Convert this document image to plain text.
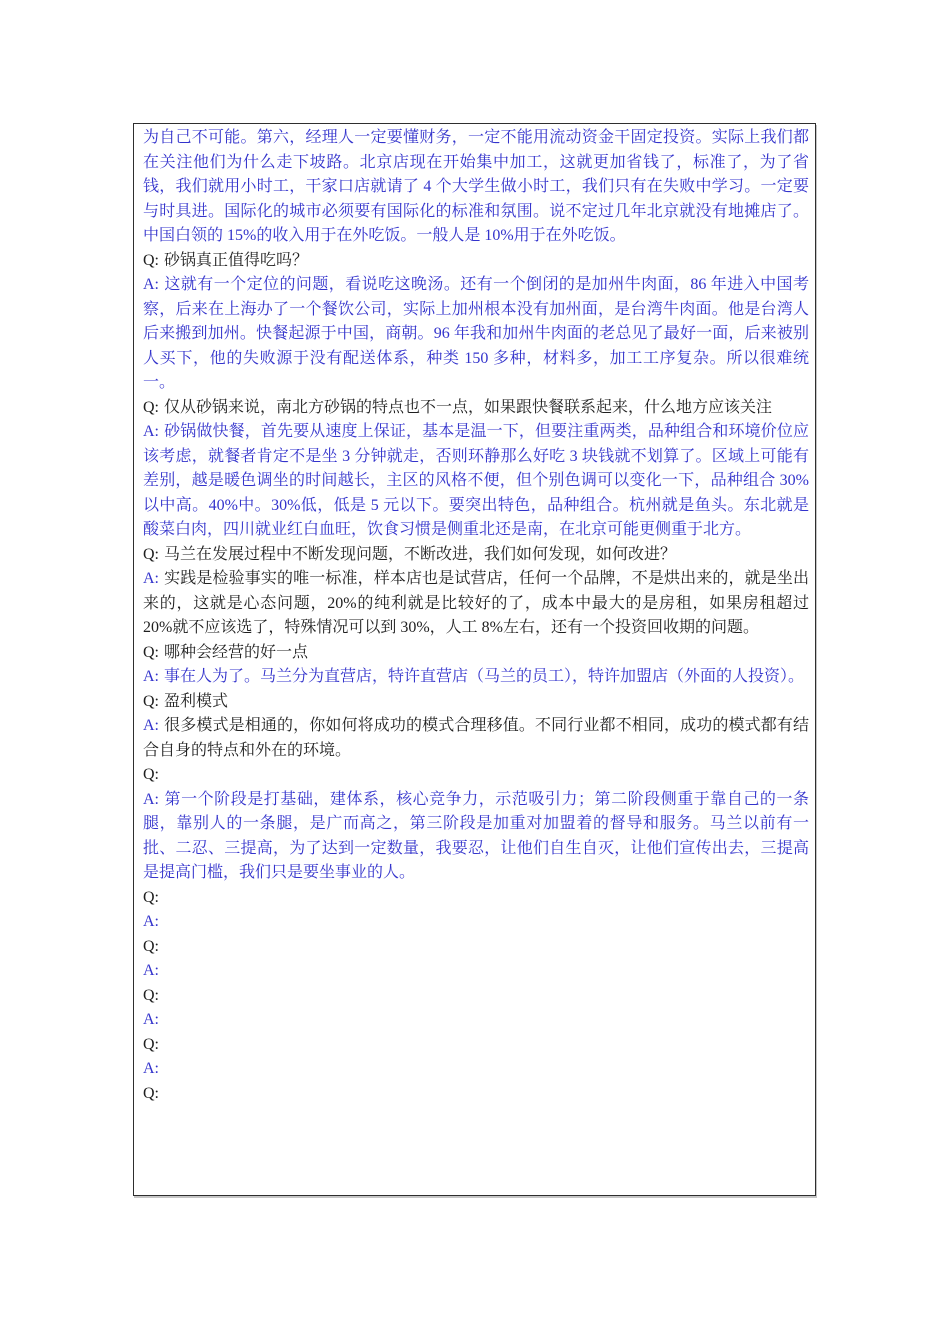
为自己不可能。第六，经理人一定要懂财务，一定不能用流动资金干固定投资。实际上我们都在关注他们为什么走下坡路。北京店现在开始集中加工，这就更加省钱了，标准了，为了省钱，我们就用小时工，干家口店就请了 4 个大学生做小时工，我们只有在失败中学习。一定要与时具进。国际化的城市必须要有国际化的标准和氛围。说不定过几年北京就没有地摊店了。中国白领的 15%的收入用于在外吃饭。一般人是 10%用于在外吃饭。

Q: 砂锅真正值得吃吗？

A: 这就有一个定位的问题，看说吃这晚汤。还有一个倒闭的是加州牛肉面，86 年进入中国考察，后来在上海办了一个餐饮公司，实际上加州根本没有加州面，是台湾牛肉面。他是台湾人后来搬到加州。快餐起源于中国，商朝。96 年我和加州牛肉面的老总见了最好一面，后来被别人买下，他的失败源于没有配送体系，种类 150 多种，材料多，加工工序复杂。所以很难统一。

Q: 仅从砂锅来说，南北方砂锅的特点也不一点，如果跟快餐联系起来，什么地方应该关注

A: 砂锅做快餐，首先要从速度上保证，基本是温一下，但要注重两类，品种组合和环境价位应该考虑，就餐者肯定不是坐 3 分钟就走，否则环静那么好吃 3 块钱就不划算了。区域上可能有差别，越是暖色调坐的时间越长，主区的风格不便，但个别色调可以变化一下，品种组合 30%以中高。40%中。30%低，低是 5 元以下。要突出特色，品种组合。杭州就是鱼头。东北就是酸菜白肉，四川就业红白血旺，饮食习惯是侧重北还是南，在北京可能更侧重于北方。

Q: 马兰在发展过程中不断发现问题，不断改进，我们如何发现，如何改进？

A: 实践是检验事实的唯一标准，样本店也是试营店，任何一个品牌，不是烘出来的，就是坐出来的，这就是心态问题，20%的纯利就是比较好的了，成本中最大的是房租，如果房租超过 20%就不应该选了，特殊情况可以到 30%，人工 8%左右，还有一个投资回收期的问题。

Q: 哪种会经营的好一点

A: 事在人为了。马兰分为直营店，特许直营店（马兰的员工），特许加盟店（外面的人投资）。

Q: 盈利模式

A: 很多模式是相通的，你如何将成功的模式合理移值。不同行业都不相同，成功的模式都有结合自身的特点和外在的环境。

Q:

A: 第一个阶段是打基础，建体系，核心竞争力，示范吸引力；第二阶段侧重于靠自己的一条腿，靠别人的一条腿，是广而高之，第三阶段是加重对加盟着的督导和服务。马兰以前有一批、二忍、三提高，为了达到一定数量，我要忍，让他们自生自灭，让他们宣传出去，三提高是提高门槛，我们只是要坐事业的人。

Q:

A:

Q:

A:

Q:

A:

Q:

A:

Q:
